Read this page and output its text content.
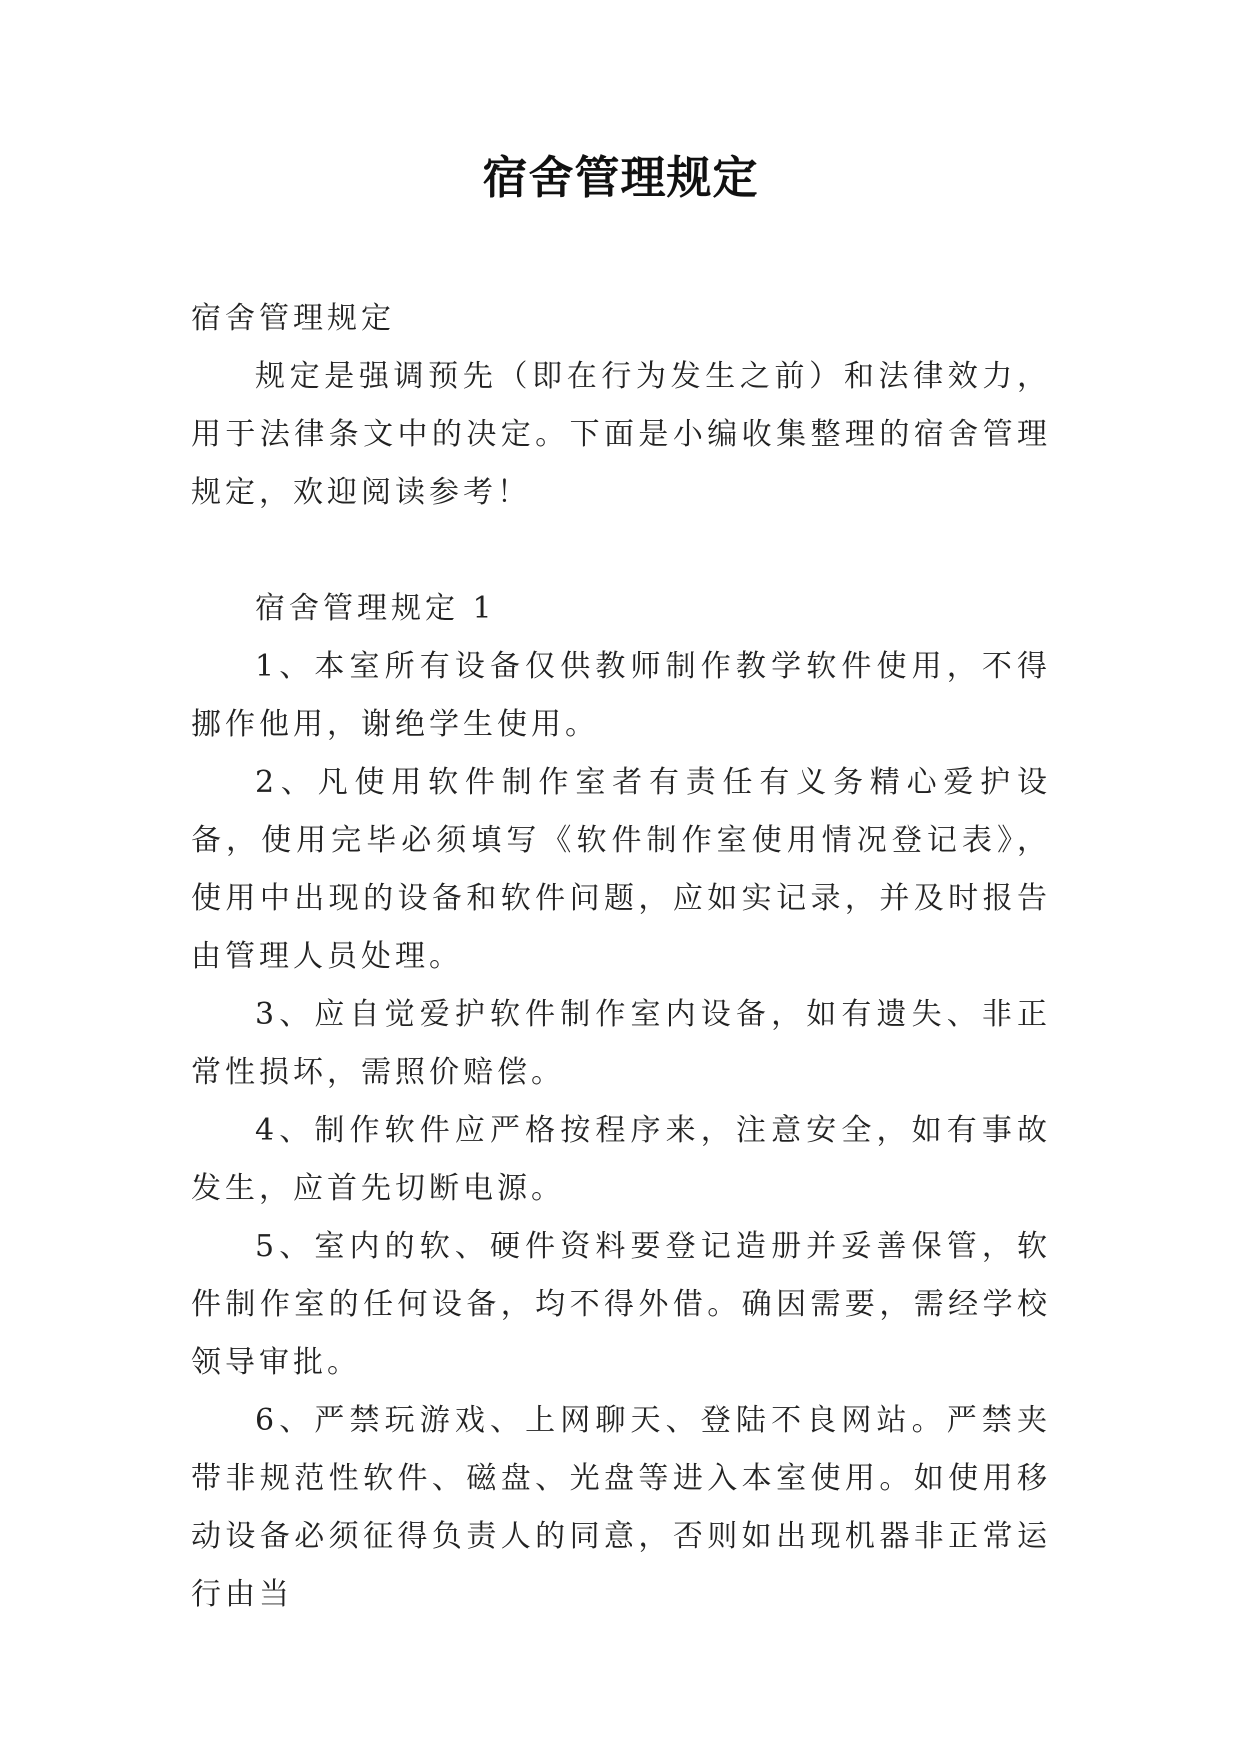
宿舍管理规定

宿舍管理规定

规定是强调预先（即在行为发生之前）和法律效力，用于法律条文中的决定。下面是小编收集整理的宿舍管理规定，欢迎阅读参考！

宿舍管理规定 1

1、本室所有设备仅供教师制作教学软件使用，不得挪作他用，谢绝学生使用。

2、凡使用软件制作室者有责任有义务精心爱护设备，使用完毕必须填写《软件制作室使用情况登记表》，使用中出现的设备和软件问题，应如实记录，并及时报告由管理人员处理。

3、应自觉爱护软件制作室内设备，如有遗失、非正常性损坏，需照价赔偿。

4、制作软件应严格按程序来，注意安全，如有事故发生，应首先切断电源。

5、室内的软、硬件资料要登记造册并妥善保管，软件制作室的任何设备，均不得外借。确因需要，需经学校领导审批。

6、严禁玩游戏、上网聊天、登陆不良网站。严禁夹带非规范性软件、磁盘、光盘等进入本室使用。如使用移动设备必须征得负责人的同意，否则如出现机器非正常运行由当
